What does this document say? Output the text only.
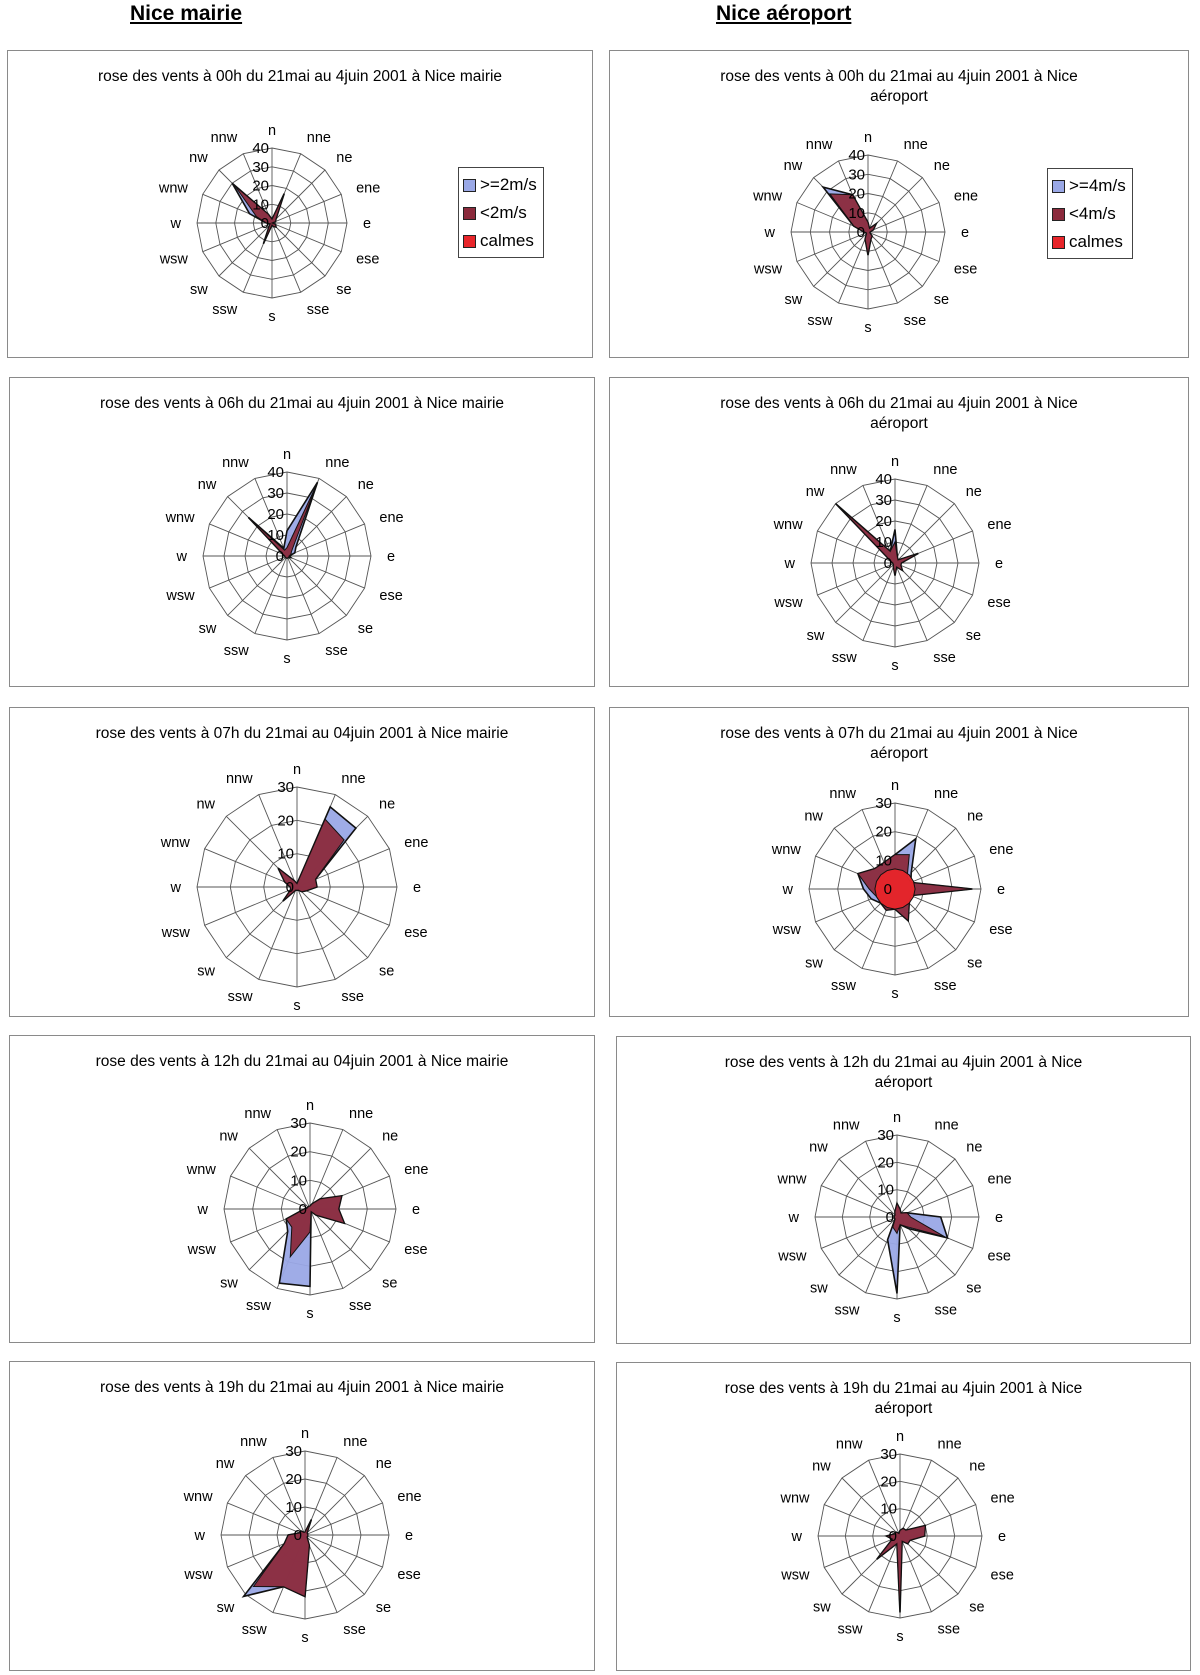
Nice mairie	Nice aéroport
rose des vents à 00h du 21mai au 4juin 2001 à Nice mairie
0
10
20
30
40
n nne
ne
ene
e
ese
se
sse
s
ssw
sw
wsw
w
wnw
nw
nnw
>=2m/s
<2m/s
calmes
rose des vents à 00h du 21mai au 4juin 2001 à Nice aéroport
0
10
20
30
40
n nne
ne
ene
e
ese
se
sse
s
ssw
sw
wsw
w
wnw
nw
nnw
>=4m/s
<4m/s
calmes
rose des vents à 06h du 21mai au 4juin 2001 à Nice mairie
0
10
20
30
40
n nne
ne
ene
e
ese
se
sse
s
ssw
sw
wsw
w
wnw
nw
nnw
rose des vents à 06h du 21mai au 4juin 2001 à Nice aéroport
0
10
20
30
40
n nne
ne
ene
e
ese
se
sse
s
ssw
sw
wsw
w
wnw
nw
nnw
rose des vents à 07h du 21mai au 04juin 2001 à Nice mairie
0
10
20
30
n
nne
ne
ene
e
ese
se
sse
s
ssw
sw
wsw
w
wnw
nw
nnw
rose des vents à 07h du 21mai au 4juin 2001 à Nice aéroport
0
10
20
30
n nne
ne
ene
e
ese
se
sse
s
ssw
sw
wsw
w
wnw
nw
nnw
rose des vents à 12h du 21mai au 04juin 2001 à Nice mairie
0
10
20
30
n nne
ne
ene
e
ese
se
sse
s
ssw
sw
wsw
w
wnw
nw
nnw
rose des vents à 12h du 21mai au 4juin 2001 à Nice aéroport
0
10
20
30
n nne
ne
ene
e
ese
se
sse
s
ssw
sw
wsw
w
wnw
nw
nnw
rose des vents à 19h du 21mai au 4juin 2001 à Nice mairie
0
10
20
30
n nne
ne
ene
e
ese
se
sse
s
ssw
sw
wsw
w
wnw
nw
nnw
rose des vents à 19h du 21mai au 4juin 2001 à Nice aéroport
0
10
20
30
n nne
ne
ene
e
ese
se
sse
s
ssw
sw
wsw
w
wnw
nw
nnw
